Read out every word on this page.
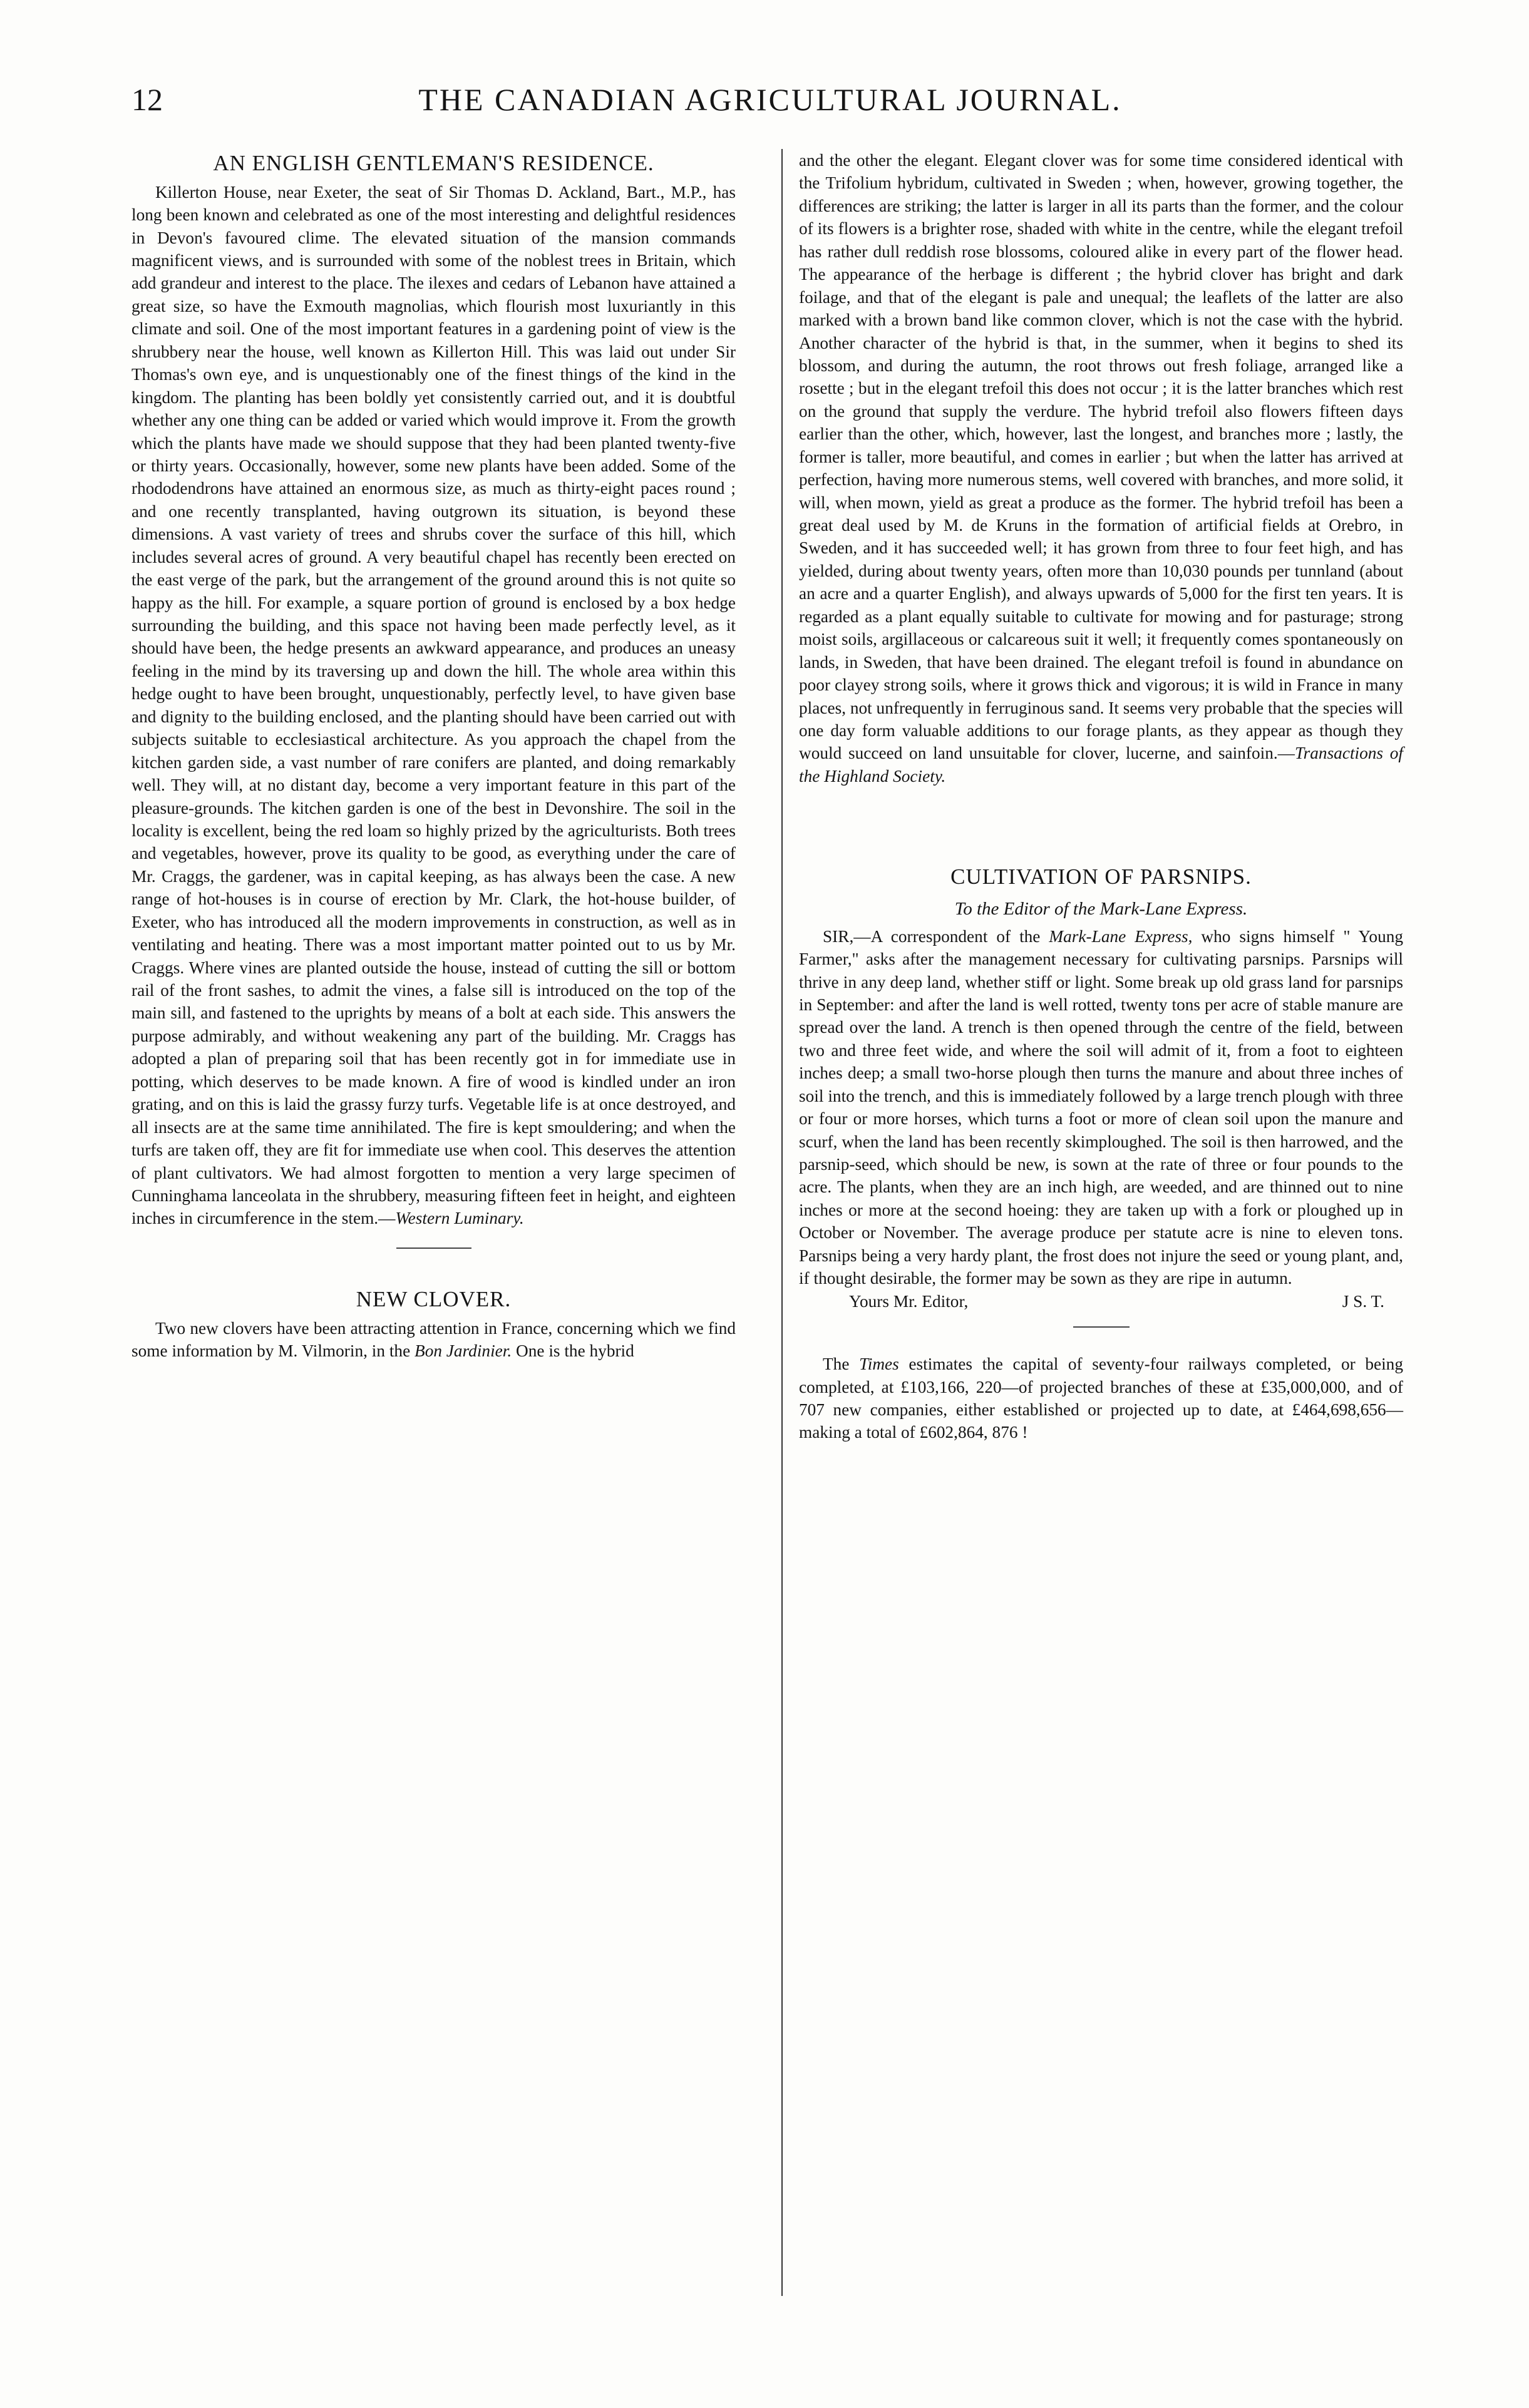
12	THE CANADIAN AGRICULTURAL JOURNAL.
AN ENGLISH GENTLEMAN'S RESIDENCE.

Killerton House, near Exeter, the seat of Sir Thomas D. Ackland, Bart., M.P., has long been known and celebrated as one of the most interesting and delightful residences in Devon's favoured clime. The elevated situation of the mansion commands magnificent views, and is surrounded with some of the noblest trees in Britain, which add grandeur and interest to the place. The ilexes and cedars of Lebanon have attained a great size, so have the Exmouth magnolias, which flourish most luxuriantly in this climate and soil. One of the most important features in a gardening point of view is the shrubbery near the house, well known as Killerton Hill. This was laid out under Sir Thomas's own eye, and is unquestionably one of the finest things of the kind in the kingdom. The planting has been boldly yet consistently carried out, and it is doubtful whether any one thing can be added or varied which would improve it. From the growth which the plants have made we should suppose that they had been planted twenty-five or thirty years. Occasionally, however, some new plants have been added. Some of the rhododendrons have attained an enormous size, as much as thirty-eight paces round ; and one recently transplanted, having outgrown its situation, is beyond these dimensions. A vast variety of trees and shrubs cover the surface of this hill, which includes several acres of ground. A very beautiful chapel has recently been erected on the east verge of the park, but the arrangement of the ground around this is not quite so happy as the hill. For example, a square portion of ground is enclosed by a box hedge surrounding the building, and this space not having been made perfectly level, as it should have been, the hedge presents an awkward appearance, and produces an uneasy feeling in the mind by its traversing up and down the hill. The whole area within this hedge ought to have been brought, unquestionably, perfectly level, to have given base and dignity to the building enclosed, and the planting should have been carried out with subjects suitable to ecclesiastical architecture. As you approach the chapel from the kitchen garden side, a vast number of rare conifers are planted, and doing remarkably well. They will, at no distant day, become a very important feature in this part of the pleasure-grounds. The kitchen garden is one of the best in Devonshire. The soil in the locality is excellent, being the red loam so highly prized by the agriculturists. Both trees and vegetables, however, prove its quality to be good, as everything under the care of Mr. Craggs, the gardener, was in capital keeping, as has always been the case. A new range of hot-houses is in course of erection by Mr. Clark, the hot-house builder, of Exeter, who has introduced all the modern improvements in construction, as well as in ventilating and heating. There was a most important matter pointed out to us by Mr. Craggs. Where vines are planted outside the house, instead of cutting the sill or bottom rail of the front sashes, to admit the vines, a false sill is introduced on the top of the main sill, and fastened to the uprights by means of a bolt at each side. This answers the purpose admirably, and without weakening any part of the building. Mr. Craggs has adopted a plan of preparing soil that has been recently got in for immediate use in potting, which deserves to be made known. A fire of wood is kindled under an iron grating, and on this is laid the grassy furzy turfs. Vegetable life is at once destroyed, and all insects are at the same time annihilated. The fire is kept smouldering; and when the turfs are taken off, they are fit for immediate use when cool. This deserves the attention of plant cultivators. We had almost forgotten to mention a very large specimen of Cunninghama lanceolata in the shrubbery, measuring fifteen feet in height, and eighteen inches in circumference in the stem.—Western Luminary.

NEW CLOVER.

Two new clovers have been attracting attention in France, concerning which we find some information by M. Vilmorin, in the Bon Jardinier. One is the hybrid

and the other the elegant. Elegant clover was for some time considered identical with the Trifolium hybridum, cultivated in Sweden ; when, however, growing together, the differences are striking; the latter is larger in all its parts than the former, and the colour of its flowers is a brighter rose, shaded with white in the centre, while the elegant trefoil has rather dull reddish rose blossoms, coloured alike in every part of the flower head. The appearance of the herbage is different ; the hybrid clover has bright and dark foilage, and that of the elegant is pale and unequal; the leaflets of the latter are also marked with a brown band like common clover, which is not the case with the hybrid. Another character of the hybrid is that, in the summer, when it begins to shed its blossom, and during the autumn, the root throws out fresh foliage, arranged like a rosette ; but in the elegant trefoil this does not occur ; it is the latter branches which rest on the ground that supply the verdure. The hybrid trefoil also flowers fifteen days earlier than the other, which, however, last the longest, and branches more ; lastly, the former is taller, more beautiful, and comes in earlier ; but when the latter has arrived at perfection, having more numerous stems, well covered with branches, and more solid, it will, when mown, yield as great a produce as the former. The hybrid trefoil has been a great deal used by M. de Kruns in the formation of artificial fields at Orebro, in Sweden, and it has succeeded well; it has grown from three to four feet high, and has yielded, during about twenty years, often more than 10,030 pounds per tunnland (about an acre and a quarter English), and always upwards of 5,000 for the first ten years. It is regarded as a plant equally suitable to cultivate for mowing and for pasturage; strong moist soils, argillaceous or calcareous suit it well; it frequently comes spontaneously on lands, in Sweden, that have been drained. The elegant trefoil is found in abundance on poor clayey strong soils, where it grows thick and vigorous; it is wild in France in many places, not unfrequently in ferruginous sand. It seems very probable that the species will one day form valuable additions to our forage plants, as they appear as though they would succeed on land unsuitable for clover, lucerne, and sainfoin.—Transactions of the Highland Society.

CULTIVATION OF PARSNIPS.
To the Editor of the Mark-Lane Express.

SIR,—A correspondent of the Mark-Lane Express, who signs himself " Young Farmer," asks after the management necessary for cultivating parsnips. Parsnips will thrive in any deep land, whether stiff or light. Some break up old grass land for parsnips in September: and after the land is well rotted, twenty tons per acre of stable manure are spread over the land. A trench is then opened through the centre of the field, between two and three feet wide, and where the soil will admit of it, from a foot to eighteen inches deep; a small two-horse plough then turns the manure and about three inches of soil into the trench, and this is immediately followed by a large trench plough with three or four or more horses, which turns a foot or more of clean soil upon the manure and scurf, when the land has been recently skimploughed. The soil is then harrowed, and the parsnip-seed, which should be new, is sown at the rate of three or four pounds to the acre. The plants, when they are an inch high, are weeded, and are thinned out to nine inches or more at the second hoeing: they are taken up with a fork or ploughed up in October or November. The average produce per statute acre is nine to eleven tons. Parsnips being a very hardy plant, the frost does not injure the seed or young plant, and, if thought desirable, the former may be sown as they are ripe in autumn.

Yours Mr. Editor,	J S. T.

The Times estimates the capital of seventy-four railways completed, or being completed, at £103,166, 220—of projected branches of these at £35,000,000, and of 707 new companies, either established or projected up to date, at £464,698,656—making a total of £602,864, 876 !
